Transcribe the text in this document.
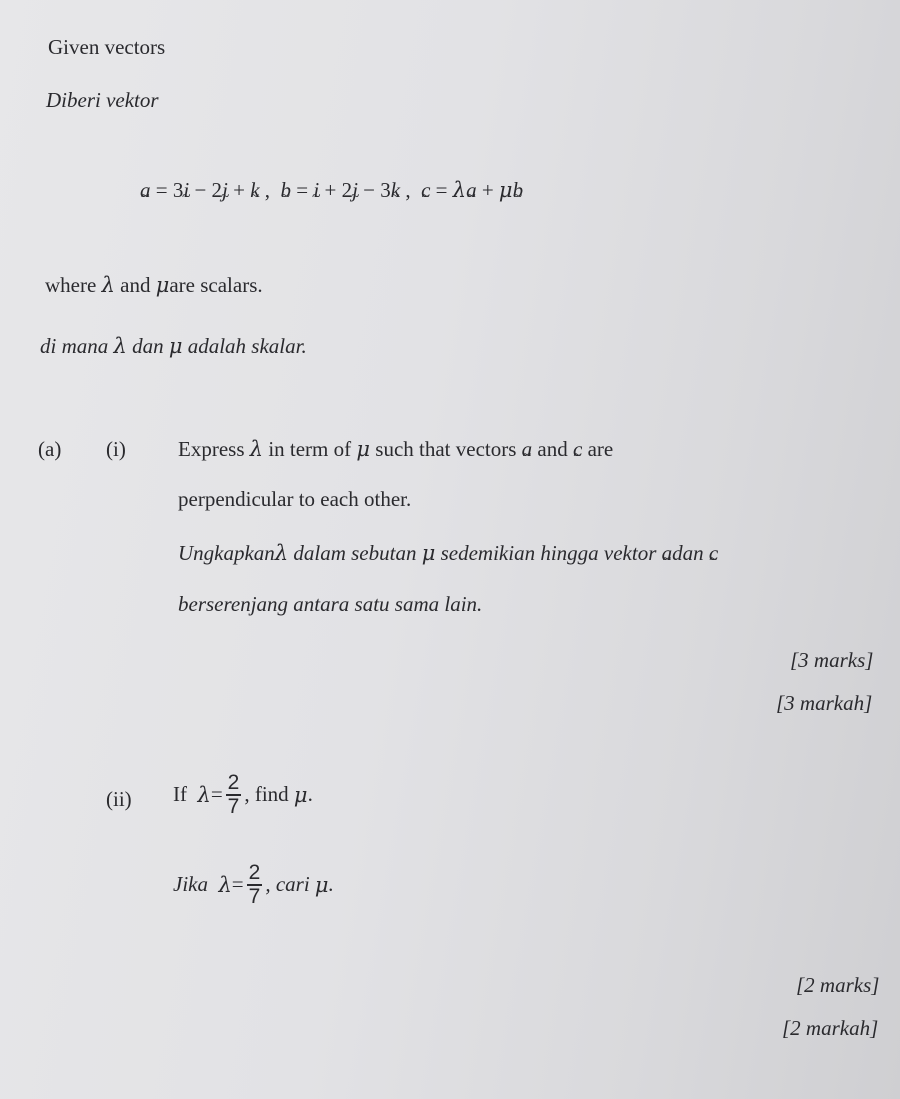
Given vectors
Diberi vektor
a ~ = 3i ~ − 2j ~ + k ~ , b ~ = i ~ + 2j ~ − 3k ~ , c ~ = λa ~ + μb ~
where λ and μare scalars.
di mana λ dan μ adalah skalar.
(a) (i) Express λ in term of μ such that vectors a ~ and c ~ are
perpendicular to each other.
Ungkapkanλ dalam sebutan μ sedemikian hingga vektor a ~dan c ~
berserenjang antara satu sama lain.
[3 marks]
[3 markah]
(ii) If
$\lambda = \frac{2}{7}$ , find
μ .
Jika
$\lambda = \frac{2}{7}$ , cari
μ .
[2 marks]
[2 markah]
